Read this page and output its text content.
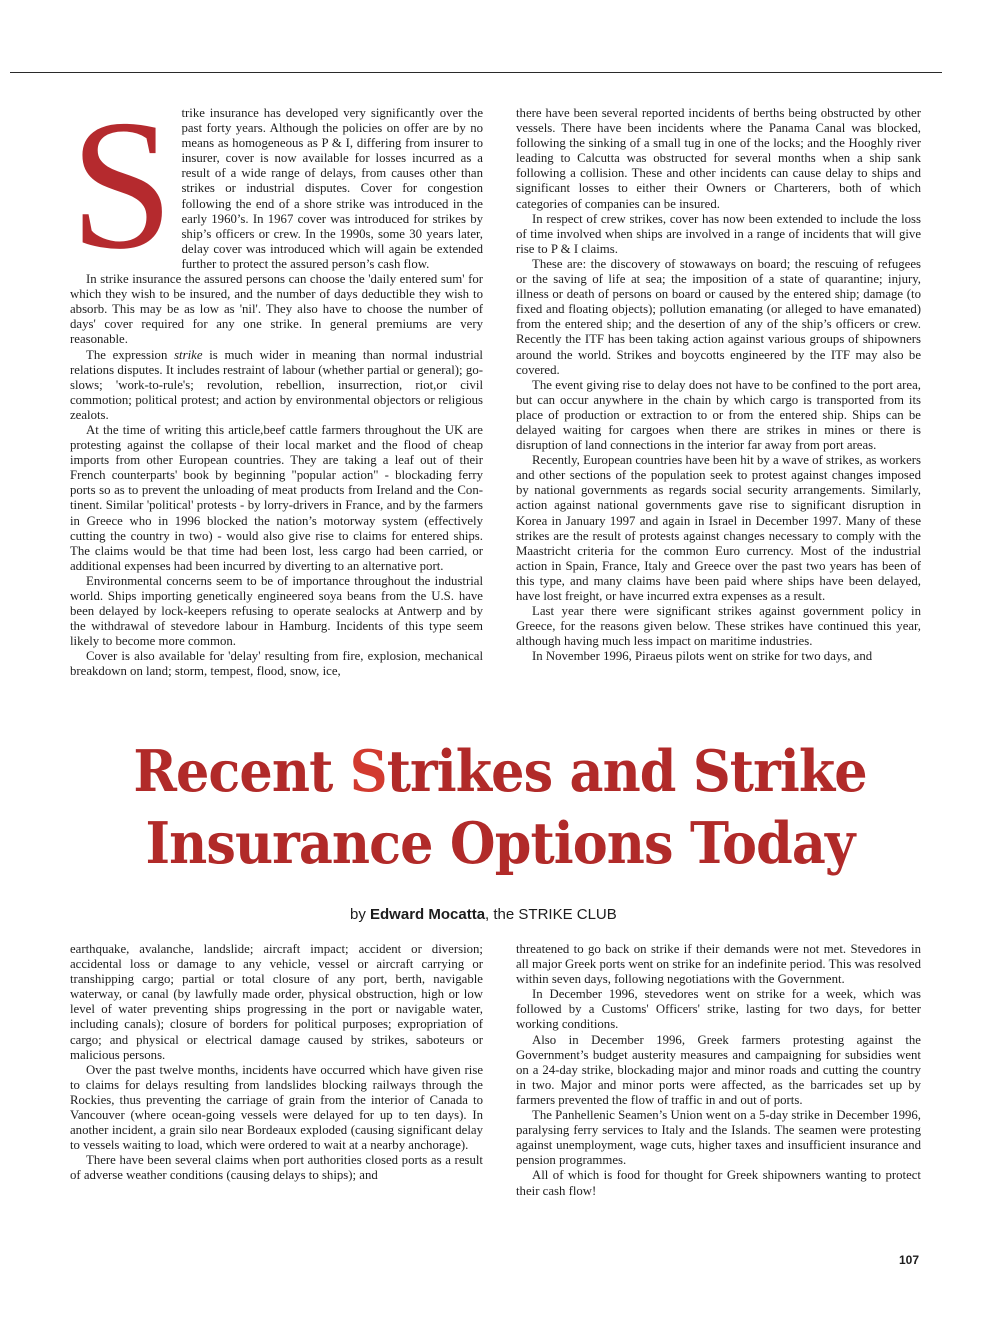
Strike insurance has developed very significantly over the past forty years. Although the policies on offer are by no means as homogeneous as P & I, differing from insurer to insurer, cover is now available for losses incurred as a result of a wide range of delays, from causes other than strikes or industrial disputes. Cover for congestion following the end of a shore strike was introduced in the early 1960’s. In 1967 cover was introduced for strikes by ship’s officers or crew. In the 1990s, some 30 years later, delay cover was introduced which will again be extended further to protect the assured person’s cash flow.

In strike insurance the assured persons can choose the 'daily entered sum' for which they wish to be insured, and the number of days deductible they wish to absorb. This may be as low as 'nil'. They also have to choose the number of days' cover required for any one strike. In general premiums are very reasonable.

The expression strike is much wider in meaning than normal industrial relations disputes. It includes restraint of labour (whether partial or general); go-slows; 'work-to-rule's; revolution, rebellion, insurrection, riot,or civil commotion; political protest; and action by environmental objectors or religious zealots.

At the time of writing this article,beef cattle farmers throughout the UK are protesting against the collapse of their local market and the flood of cheap imports from other European countries. They are taking a leaf out of their French counterparts' book by beginning "popular action" - blockading ferry ports so as to prevent the unloading of meat products from Ireland and the Con-tinent. Similar 'political' protests - by lorry-drivers in France, and by the farmers in Greece who in 1996 blocked the nation’s motorway system (effectively cutting the country in two) - would also give rise to claims for entered ships. The claims would be that time had been lost, less cargo had been carried, or additional expenses had been incurred by diverting to an alternative port.

Environmental concerns seem to be of importance throughout the industrial world. Ships importing genetically engineered soya beans from the U.S. have been delayed by lock-keepers refusing to operate sealocks at Antwerp and by the withdrawal of stevedore labour in Hamburg. Incidents of this type seem likely to become more common.

Cover is also available for 'delay' resulting from fire, explosion, mechanical breakdown on land; storm, tempest, flood, snow, ice,

there have been several reported incidents of berths being obstructed by other vessels. There have been incidents where the Panama Canal was blocked, following the sinking of a small tug in one of the locks; and the Hooghly river leading to Calcutta was obstructed for several months when a ship sank following a collision. These and other incidents can cause delay to ships and significant losses to either their Owners or Charterers, both of which categories of companies can be insured.

In respect of crew strikes, cover has now been extended to include the loss of time involved when ships are involved in a range of incidents that will give rise to P & I claims.

These are: the discovery of stowaways on board; the rescuing of refugees or the saving of life at sea; the imposition of a state of quarantine; injury, illness or death of persons on board or caused by the entered ship; damage (to fixed and floating objects); pollution emanating (or alleged to have emanated) from the entered ship; and the desertion of any of the ship’s officers or crew. Recently the ITF has been taking action against various groups of shipowners around the world. Strikes and boycotts engineered by the ITF may also be covered.

The event giving rise to delay does not have to be confined to the port area, but can occur anywhere in the chain by which cargo is transported from its place of production or extraction to or from the entered ship. Ships can be delayed waiting for cargoes when there are strikes in mines or there is disruption of land connections in the interior far away from port areas.

Recently, European countries have been hit by a wave of strikes, as workers and other sections of the population seek to protest against changes imposed by national governments as regards social security arrangements. Similarly, action against national governments gave rise to significant disruption in Korea in January 1997 and again in Israel in December 1997. Many of these strikes are the result of protests against changes necessary to comply with the Maastricht criteria for the common Euro currency. Most of the industrial action in Spain, France, Italy and Greece over the past two years has been of this type, and many claims have been paid where ships have been delayed, have lost freight, or have incurred extra expenses as a result.

Last year there were significant strikes against government policy in Greece, for the reasons given below. These strikes have continued this year, although having much less impact on maritime industries.

In November 1996, Piraeus pilots went on strike for two days, and

Recent Strikes and Strike
Insurance Options Today
by Edward Mocatta, the STRIKE CLUB

earthquake, avalanche, landslide; aircraft impact; accident or diversion; accidental loss or damage to any vehicle, vessel or aircraft carrying or transhipping cargo; partial or total closure of any port, berth, navigable waterway, or canal (by lawfully made order, physical obstruction, high or low level of water preventing ships progressing in the port or navigable water, including canals); closure of borders for political purposes; expropriation of cargo; and physical or electrical damage caused by strikes, saboteurs or malicious persons.

Over the past twelve months, incidents have occurred which have given rise to claims for delays resulting from landslides blocking railways through the Rockies, thus preventing the carriage of grain from the interior of Canada to Vancouver (where ocean-going vessels were delayed for up to ten days). In another incident, a grain silo near Bordeaux exploded (causing significant delay to vessels waiting to load, which were ordered to wait at a nearby anchorage).

There have been several claims when port authorities closed ports as a result of adverse weather conditions (causing delays to ships); and

threatened to go back on strike if their demands were not met. Stevedores in all major Greek ports went on strike for an indefinite period. This was resolved within seven days, following negotiations with the Government.

In December 1996, stevedores went on strike for a week, which was followed by a Customs' Officers' strike, lasting for two days, for better working conditions.

Also in December 1996, Greek farmers protesting against the Government’s budget austerity measures and campaigning for subsidies went on a 24-day strike, blockading major and minor roads and cutting the country in two. Major and minor ports were affected, as the barricades set up by farmers prevented the flow of traffic in and out of ports.

The Panhellenic Seamen’s Union went on a 5-day strike in December 1996, paralysing ferry services to Italy and the Islands. The seamen were protesting against unemployment, wage cuts, higher taxes and insufficient insurance and pension programmes.

All of which is food for thought for Greek shipowners wanting to protect their cash flow!

107
